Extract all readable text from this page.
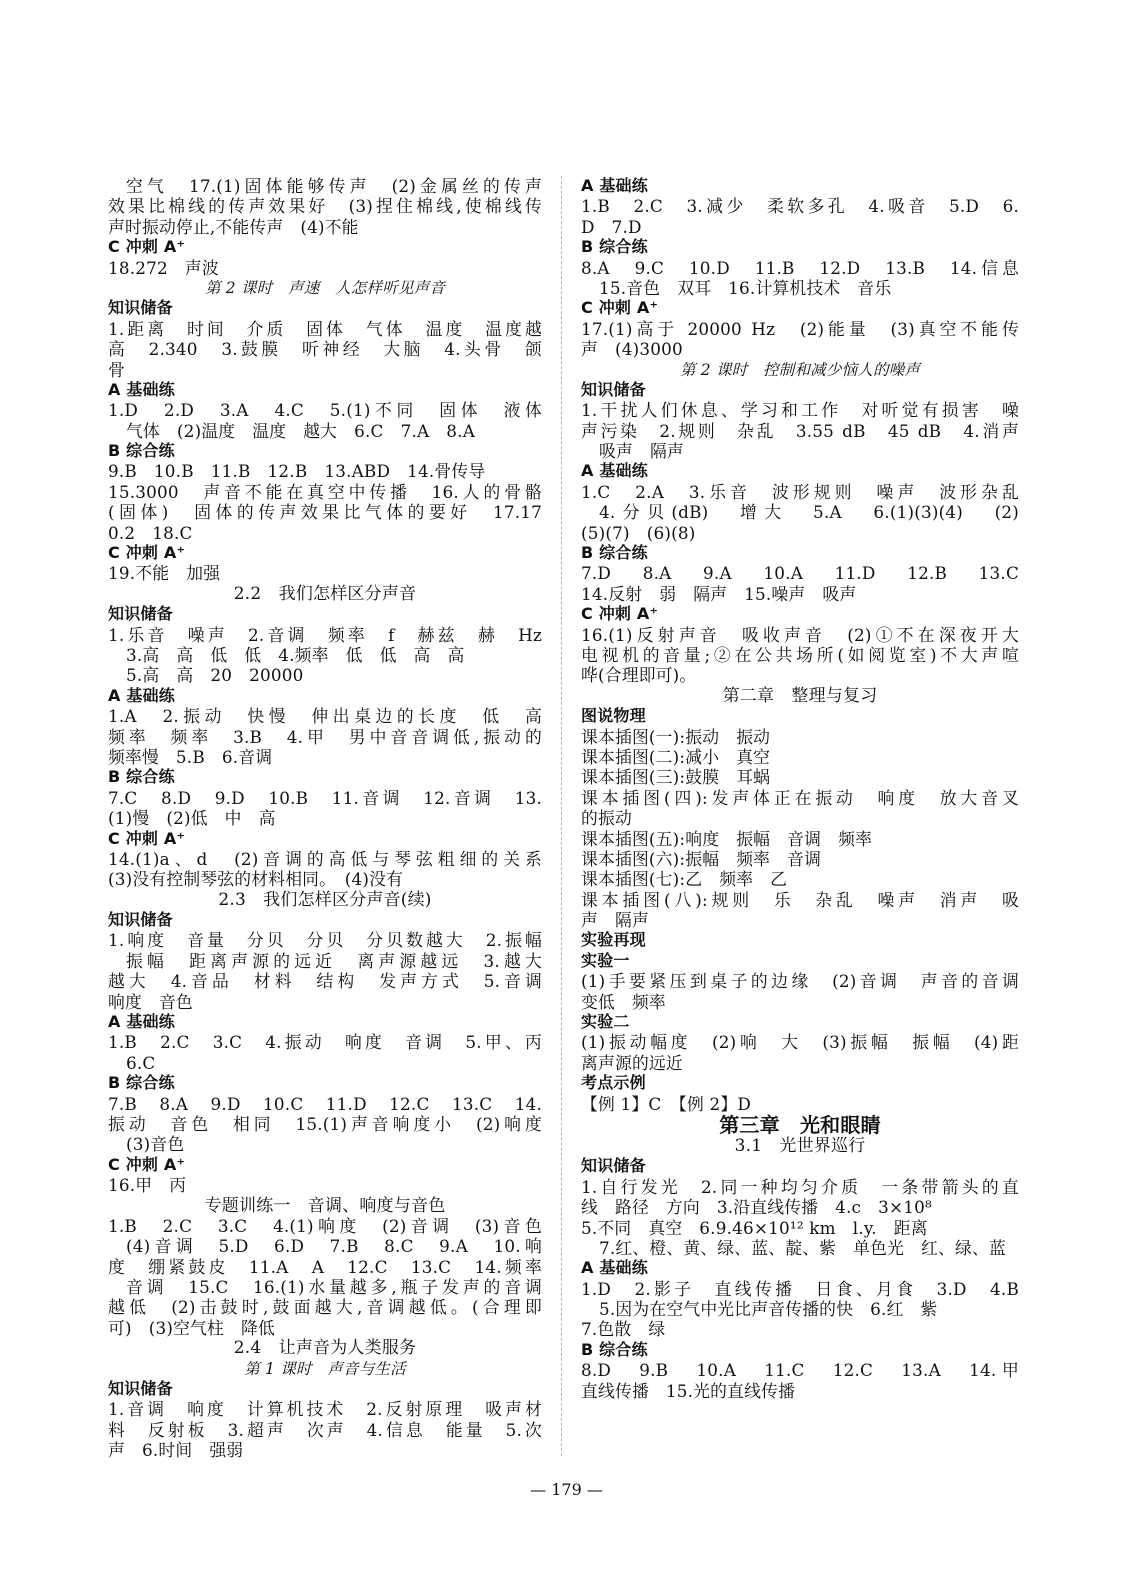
空气　17.(1)固体能够传声　(2)金属丝的传声
效果比棉线的传声效果好　(3)捏住棉线,使棉线传
声时振动停止,不能传声　(4)不能
C 冲刺 A⁺
18.272　声波
第 2 课时　声速　人怎样听见声音
知识储备
1.距离　时间　介质　固体　气体　温度　温度越
高　2.340　3.鼓膜　听神经　大脑　4.头骨　颌
骨
A 基础练
1.D　2.D　3.A　4.C　5.(1)不同　固体　液体
气体　(2)温度　温度　越大　6.C　7.A　8.A
B 综合练
9.B　10.B　11.B　12.B　13.ABD　14.骨传导
15.3000　声音不能在真空中传播　16.人的骨骼
(固体)　固体的传声效果比气体的要好　17.17
0.2　18.C
C 冲刺 A⁺
19.不能　加强
2.2　我们怎样区分声音
知识储备
1.乐音　噪声　2.音调　频率　f　赫兹　赫　Hz
3.高　高　低　低　4.频率　低　低　高　高
5.高　高　20　20000
A 基础练
1.A　2.振动　快慢　伸出桌边的长度　低　高
频率　频率　3.B　4.甲　男中音音调低,振动的
频率慢　5.B　6.音调
B 综合练
7.C　8.D　9.D　10.B　11.音调　12.音调　13.
(1)慢　(2)低　中　高
C 冲刺 A⁺
14.(1)a、d　(2)音调的高低与琴弦粗细的关系
(3)没有控制琴弦的材料相同。　(4)没有
2.3　我们怎样区分声音(续)
知识储备
1.响度　音量　分贝　分贝　分贝数越大　2.振幅
振幅　距离声源的远近　离声源越远　3.越大
越大　4.音品　材料　结构　发声方式　5.音调
响度　音色
A 基础练
1.B　2.C　3.C　4.振动　响度　音调　5.甲、丙
6.C
B 综合练
7.B　8.A　9.D　10.C　11.D　12.C　13.C　14.
振动　音色　相同　15.(1)声音响度小　(2)响度
(3)音色
C 冲刺 A⁺
16.甲　丙
专题训练一　音调、响度与音色
1.B　2.C　3.C　4.(1)响度　(2)音调　(3)音色
(4)音调　5.D　6.D　7.B　8.C　9.A　10.响
度　绷紧鼓皮　11.A　A　12.C　13.C　14.频率
音调　15.C　16.(1)水量越多,瓶子发声的音调
越低　(2)击鼓时,鼓面越大,音调越低。(合理即
可)　(3)空气柱　降低
2.4　让声音为人类服务
第 1 课时　声音与生活
知识储备
1.音调　响度　计算机技术　2.反射原理　吸声材
料　反射板　3.超声　次声　4.信息　能量　5.次
声　6.时间　强弱
A 基础练
1.B　2.C　3.减少　柔软多孔　4.吸音　5.D　6.
D　7.D
B 综合练
8.A　9.C　10.D　11.B　12.D　13.B　14.信息
15.音色　双耳　16.计算机技术　音乐
C 冲刺 A⁺
17.(1)高于 20000 Hz　(2)能量　(3)真空不能传
声　(4)3000
第 2 课时　控制和减少恼人的噪声
知识储备
1.干扰人们休息、学习和工作　对听觉有损害　噪
声污染　2.规则　杂乱　3.55 dB　45 dB　4.消声
吸声　隔声
A 基础练
1.C　2.A　3.乐音　波形规则　噪声　波形杂乱
4.分贝(dB)　增大　5.A　6.(1)(3)(4)　(2)
(5)(7)　(6)(8)
B 综合练
7.D　8.A　9.A　10.A　11.D　12.B　13.C
14.反射　弱　隔声　15.噪声　吸声
C 冲刺 A⁺
16.(1)反射声音　吸收声音　(2)①不在深夜开大
电视机的音量;②在公共场所(如阅览室)不大声喧
哗(合理即可)。
第二章　整理与复习
图说物理
课本插图(一):振动　振动
课本插图(二):减小　真空
课本插图(三):鼓膜　耳蜗
课本插图(四):发声体正在振动　响度　放大音叉
的振动
课本插图(五):响度　振幅　音调　频率
课本插图(六):振幅　频率　音调
课本插图(七):乙　频率　乙
课本插图(八):规则　乐　杂乱　噪声　消声　吸
声　隔声
实验再现
实验一
(1)手要紧压到桌子的边缘　(2)音调　声音的音调
变低　频率
实验二
(1)振动幅度　(2)响　大　(3)振幅　振幅　(4)距
离声源的远近
考点示例
【例 1】C　【例 2】D
第三章　光和眼睛
3.1　光世界巡行
知识储备
1.自行发光　2.同一种均匀介质　一条带箭头的直
线　路径　方向　3.沿直线传播　4.c　3×10⁸
5.不同　真空　6.9.46×10¹² km　l.y.　距离
7.红、橙、黄、绿、蓝、靛、紫　单色光　红、绿、蓝
A 基础练
1.D　2.影子　直线传播　日食、月食　3.D　4.B
5.因为在空气中光比声音传播的快　6.红　紫
7.色散　绿
B 综合练
8.D　9.B　10.A　11.C　12.C　13.A　14.甲
直线传播　15.光的直线传播
— 179 —
